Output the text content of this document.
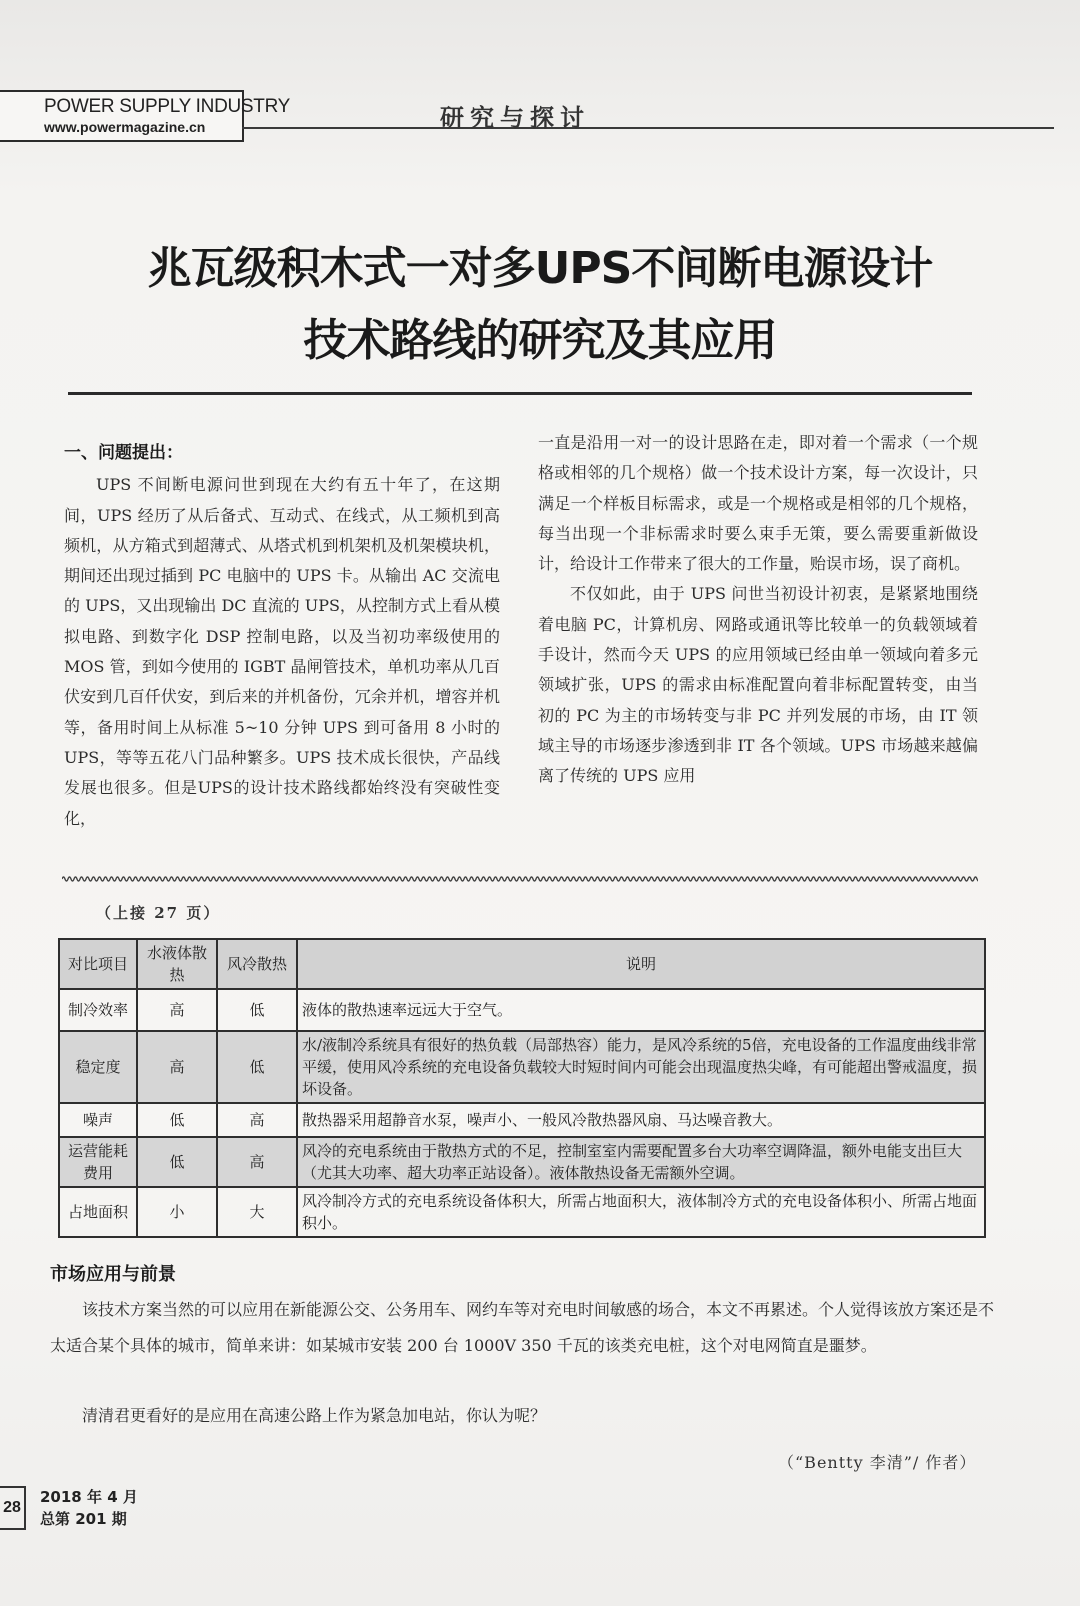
POWER SUPPLY INDUSTRY
www.powermagazine.cn	研究与探讨
兆瓦级积木式一对多UPS不间断电源设计
技术路线的研究及其应用
一、问题提出：

UPS 不间断电源问世到现在大约有五十年了，在这期间，UPS 经历了从后备式、互动式、在线式，从工频机到高频机，从方箱式到超薄式、从塔式机到机架机及机架模块机，期间还出现过插到 PC 电脑中的 UPS 卡。从输出 AC 交流电的 UPS，又出现输出 DC 直流的 UPS，从控制方式上看从模拟电路、到数字化 DSP 控制电路，以及当初功率级使用的 MOS 管，到如今使用的 IGBT 晶闸管技术，单机功率从几百伏安到几百仟伏安，到后来的并机备份，冗余并机，增容并机等，备用时间上从标准 5~10 分钟 UPS 到可备用 8 小时的 UPS，等等五花八门品种繁多。UPS 技术成长很快，产品线发展也很多。但是UPS的设计技术路线都始终没有突破性变化，

一直是沿用一对一的设计思路在走，即对着一个需求（一个规格或相邻的几个规格）做一个技术设计方案，每一次设计，只满足一个样板目标需求，或是一个规格或是相邻的几个规格，每当出现一个非标需求时要么束手无策，要么需要重新做设计，给设计工作带来了很大的工作量，贻误市场，误了商机。

不仅如此，由于 UPS 问世当初设计初衷，是紧紧地围绕着电脑 PC，计算机房、网路或通讯等比较单一的负载领域着手设计，然而今天 UPS 的应用领域已经由单一领域向着多元领域扩张，UPS 的需求由标准配置向着非标配置转变，由当初的 PC 为主的市场转变与非 PC 并列发展的市场，由 IT 领域主导的市场逐步渗透到非 IT 各个领域。UPS 市场越来越偏离了传统的 UPS 应用

（上接 27 页）
对比项目	水液体散热	风冷散热	说明
制冷效率	高	低	液体的散热速率远远大于空气。
稳定度	高	低	水/液制冷系统具有很好的热负载（局部热容）能力，是风冷系统的5倍，充电设备的工作温度曲线非常平缓，使用风冷系统的充电设备负载较大时短时间内可能会出现温度热尖峰，有可能超出警戒温度，损坏设备。
噪声	低	高	散热器采用超静音水泵，噪声小、一般风冷散热器风扇、马达噪音教大。
运营能耗费用	低	高	风冷的充电系统由于散热方式的不足，控制室室内需要配置多台大功率空调降温，额外电能支出巨大（尤其大功率、超大功率正站设备）。液体散热设备无需额外空调。
占地面积	小	大	风冷制冷方式的充电系统设备体积大，所需占地面积大，液体制冷方式的充电设备体积小、所需占地面积小。
市场应用与前景
该技术方案当然的可以应用在新能源公交、公务用车、网约车等对充电时间敏感的场合，本文不再累述。个人觉得该放方案还是不太适合某个具体的城市，简单来讲：如某城市安装 200 台 1000V 350 千瓦的该类充电桩，这个对电网简直是噩梦。
清清君更看好的是应用在高速公路上作为紧急加电站，你认为呢？
（“Bentty 李清”/ 作者）
28
2018 年 4 月
总第 201 期
